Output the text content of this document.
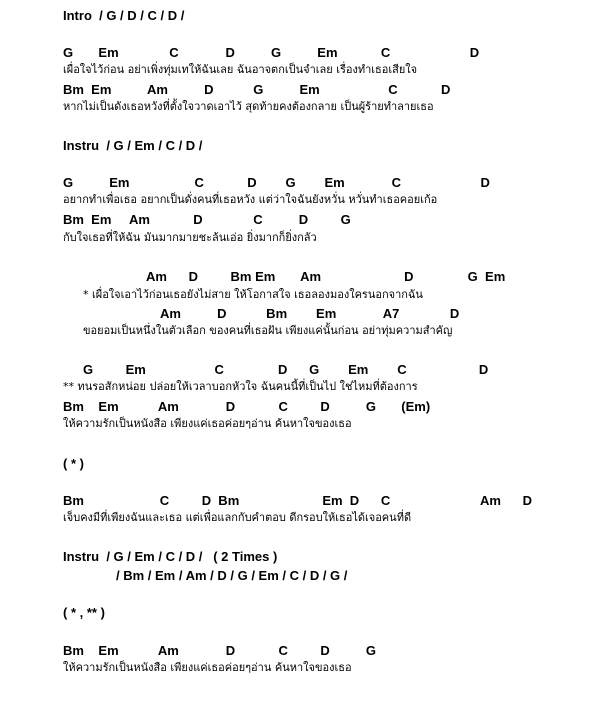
Intro  / G / D / C / D /
G       Em              C             D          G          Em            C                      D
เผื่อใจไว้ก่อน อย่าเพิ่งทุ่มเทให้ฉันเลย ฉันอาจตกเป็นจำเลย เรื่องทำเธอเสียใจ
Bm  Em          Am          D           G          Em                   C            D
หากไม่เป็นดังเธอหวังที่ตั้งใจวาดเอาไว้ สุดท้ายคงต้องกลาย เป็นผู้ร้ายทำลายเธอ
Instru  / G / Em / C / D /
G          Em                  C            D        G        Em             C                      D
อยากทำเพื่อเธอ อยากเป็นดั่งคนที่เธอหวัง แต่ว่าใจฉันยังหวั่น หวั่นทำเธอคอยเก้อ
Bm  Em     Am            D              C          D         G
กับใจเธอที่ให้ฉัน มันมากมายชะล้นเอ่อ ยิ่งมากก็ยิ่งกลัว
Am      D         Bm Em       Am                       D               G  Em
* เผื่อใจเอาไว้ก่อนเธอยังไม่สาย ให้โอกาสใจ เธอลองมองใครนอกจากฉัน
Am          D           Bm        Em             A7              D
ขอยอมเป็นหนึ่งในตัวเลือก ของคนที่เธอฝัน เพียงแค่นั้นก่อน อย่าทุ่มความสำคัญ
G         Em                   C               D      G        Em        C                    D
** ทนรอสักหน่อย ปล่อยให้เวลาบอกหัวใจ ฉันคนนี้ที่เป็นไป ใช่ไหมที่ต้องการ
Bm    Em           Am             D            C         D          G       (Em)
ให้ความรักเป็นหนังสือ เพียงแค่เธอค่อยๆอ่าน ค้นหาใจของเธอ
( * )
Bm                     C         D  Bm                       Em  D      C                         Am      D
เจ็บคงมีที่เพียงฉันและเธอ แต่เพื่อแลกกับคำตอบ ดีกรอบให้เธอได้เจอคนที่ดี
Instru  / G / Em / C / D /   ( 2 Times )
/ Bm / Em / Am / D / G / Em / C / D / G /
( * , ** )
Bm    Em           Am             D            C         D          G
ให้ความรักเป็นหนังสือ เพียงแค่เธอค่อยๆอ่าน ค้นหาใจของเธอ
